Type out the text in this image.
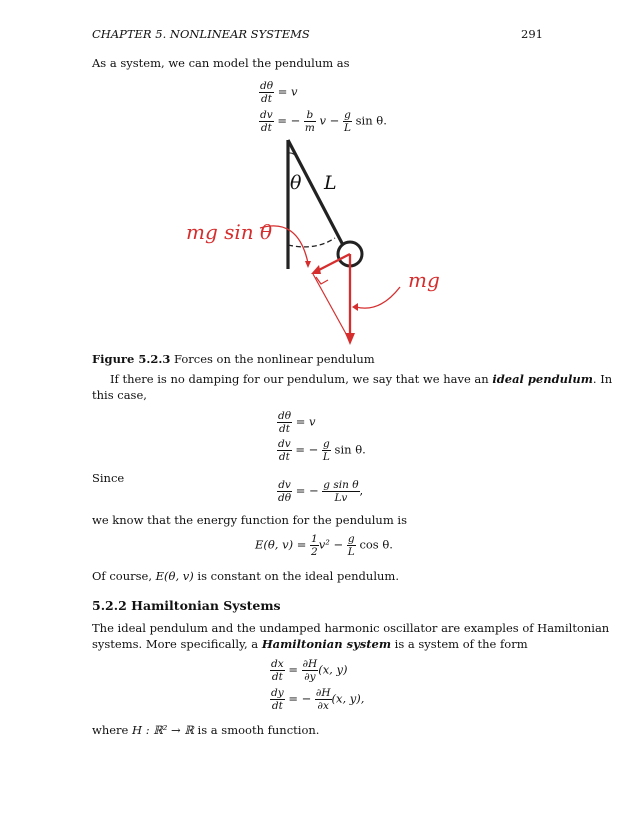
CHAPTER 5. NONLINEAR SYSTEMS	291
As a system, we can model the pendulum as
$\frac{d\theta}{dt} = v$
$\frac{dv}{dt}$ = − $\frac{b}{m}$ $v - \frac{g}{L}$ sin θ.
θ L
mg sin θ
mg
Figure 5.2.3 Forces on the nonlinear pendulum
If there is no damping for our pendulum, we say that we have an ideal pendulum. In
this case,
$\frac{d\theta}{dt} = v$
$\frac{dv}{dt}$ = − $\frac{g}{L}$ sin θ.
Since
$\frac{dv}{d\theta}$ = − $\frac{\text{g sin θ}}{Lv}$ ,
we know that the energy function for the pendulum is
E(θ, $v) = \frac{1}{2} v^2 - \frac{g}{L}$ cos θ.
Of course, E(θ, v) is constant on the ideal pendulum.
5.2.2 Hamiltonian Systems
The ideal pendulum and the undamped harmonic oscillator are examples of Hamiltonian
systems. More specifically, a Hamiltonian system is a system of the form
$\frac{dx}{dt} = \frac{\partial H}{\partial y} (x$, y)
$\frac{dy}{dt}$ = − $\frac{\partial H}{\partial x} (x$, y),
where H : ℝ² → ℝ is a smooth function.
